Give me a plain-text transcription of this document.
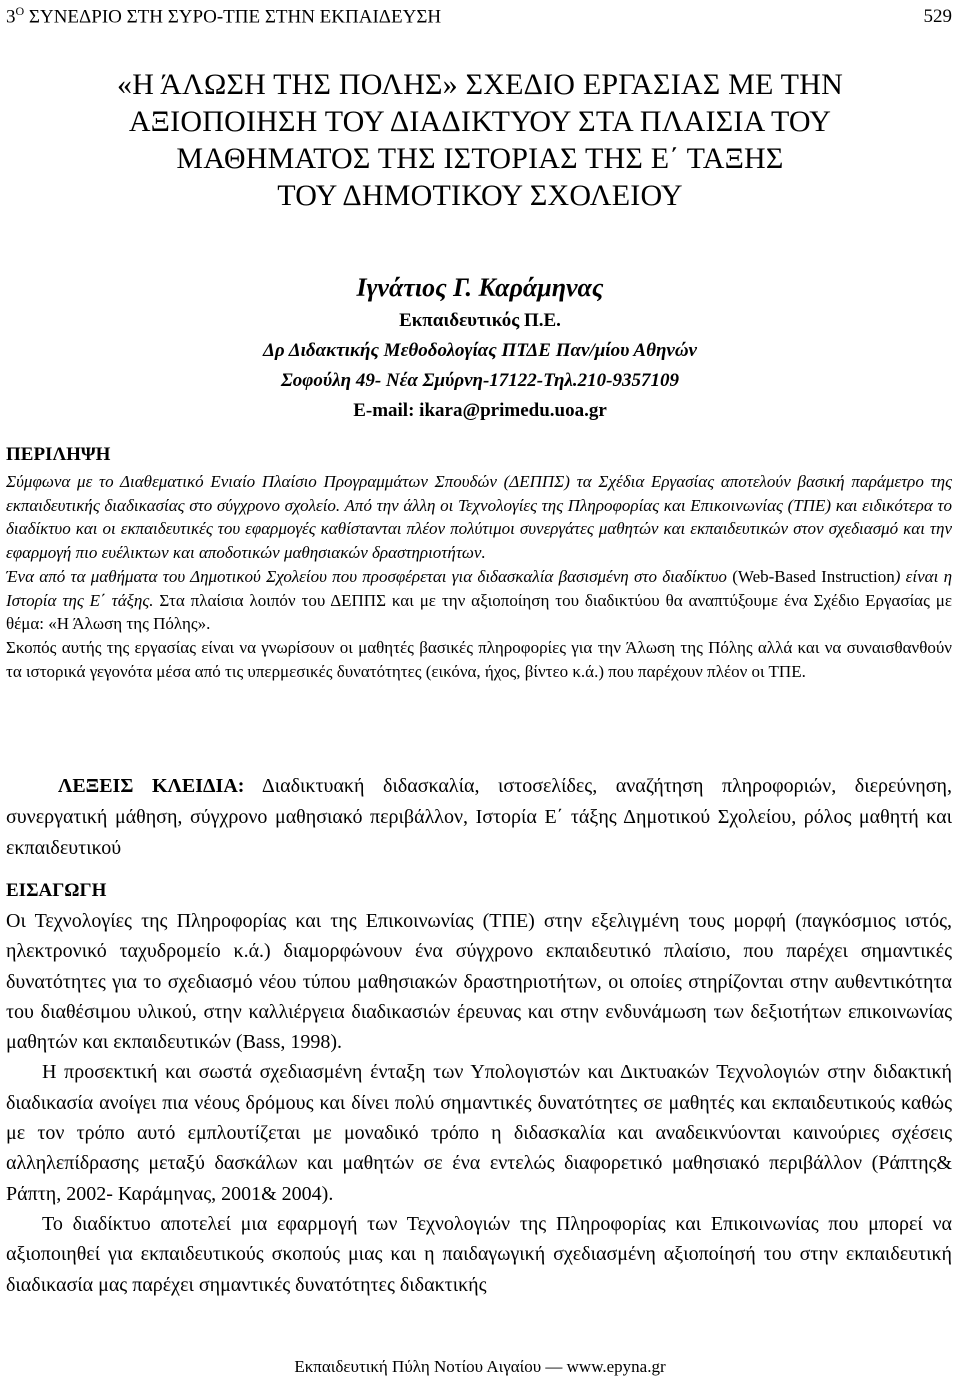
$3^O$ ΣΥΝΕΔΡΙΟ ΣΤΗ ΣΥΡΟ-ΤΠΕ ΣΤΗΝ ΕΚΠΑΙΔΕΥΣΗ	529
«Η ΆΛΩΣΗ ΤΗΣ ΠΟΛΗΣ» ΣΧΕΔΙΟ ΕΡΓΑΣΙΑΣ ΜΕ ΤΗΝ
ΑΞΙΟΠΟΙΗΣΗ ΤΟΥ ΔΙΑΔΙΚΤΥΟΥ ΣΤΑ ΠΛΑΙΣΙΑ ΤΟΥ
ΜΑΘΗΜΑΤΟΣ ΤΗΣ ΙΣΤΟΡΙΑΣ ΤΗΣ Ε΄ ΤΑΞΗΣ
ΤΟΥ ΔΗΜΟΤΙΚΟΥ ΣΧΟΛΕΙΟΥ
Ιγνάτιος Γ. Καράμηνας
Εκπαιδευτικός Π.Ε.
Δρ Διδακτικής Μεθοδολογίας ΠΤΔΕ Παν/μίου Αθηνών
Σοφούλη 49- Νέα Σμύρνη-17122-Τηλ.210-9357109
E-mail: ikara@primedu.uoa.gr
ΠΕΡΙΛΗΨΗ

Σύμφωνα με το Διαθεματικό Ενιαίο Πλαίσιο Προγραμμάτων Σπουδών (ΔΕΠΠΣ) τα Σχέδια Εργασίας αποτελούν βασική παράμετρο της εκπαιδευτικής διαδικασίας στο σύγχρονο σχολείο. Από την άλλη οι Τεχνολογίες της Πληροφορίας και Επικοινωνίας (ΤΠΕ) και ειδικότερα το διαδίκτυο και οι εκπαιδευτικές του εφαρμογές καθίστανται πλέον πολύτιμοι συνεργάτες μαθητών και εκπαιδευτικών στον σχεδιασμό και την εφαρμογή πιο ευέλικτων και αποδοτικών μαθησιακών δραστηριοτήτων.

Ένα από τα μαθήματα του Δημοτικού Σχολείου που προσφέρεται για διδασκαλία βασισμένη στο διαδίκτυο (Web-Based Instruction) είναι η Ιστορία της Ε΄ τάξης. Στα πλαίσια λοιπόν του ΔΕΠΠΣ και με την αξιοποίηση του διαδικτύου θα αναπτύξουμε ένα Σχέδιο Εργασίας με θέμα: «Η Άλωση της Πόλης».

Σκοπός αυτής της εργασίας είναι να γνωρίσουν οι μαθητές βασικές πληροφορίες για την Άλωση της Πόλης αλλά και να συναισθανθούν τα ιστορικά γεγονότα μέσα από τις υπερμεσικές δυνατότητες (εικόνα, ήχος, βίντεο κ.ά.) που παρέχουν πλέον οι ΤΠΕ.

ΛΕΞΕΙΣ ΚΛΕΙΔΙΑ: Διαδικτυακή διδασκαλία, ιστοσελίδες, αναζήτηση πληροφοριών, διερεύνηση, συνεργατική μάθηση, σύγχρονο μαθησιακό περιβάλλον, Ιστορία Ε΄ τάξης Δημοτικού Σχολείου, ρόλος μαθητή και εκπαιδευτικού
ΕΙΣΑΓΩΓΗ

Οι Τεχνολογίες της Πληροφορίας και της Επικοινωνίας (ΤΠΕ) στην εξελιγμένη τους μορφή (παγκόσμιος ιστός, ηλεκτρονικό ταχυδρομείο κ.ά.) διαμορφώνουν ένα σύγχρονο εκπαιδευτικό πλαίσιο, που παρέχει σημαντικές δυνατότητες για το σχεδιασμό νέου τύπου μαθησιακών δραστηριοτήτων, οι οποίες στηρίζονται στην αυθεντικότητα του διαθέσιμου υλικού, στην καλλιέργεια διαδικασιών έρευνας και στην ενδυνάμωση των δεξιοτήτων επικοινωνίας μαθητών και εκπαιδευτικών (Bass, 1998).

Η προσεκτική και σωστά σχεδιασμένη ένταξη των Υπολογιστών και Δικτυακών Τεχνολογιών στην διδακτική διαδικασία ανοίγει πια νέους δρόμους και δίνει πολύ σημαντικές δυνατότητες σε μαθητές και εκπαιδευτικούς καθώς με τον τρόπο αυτό εμπλουτίζεται με μοναδικό τρόπο η διδασκαλία και αναδεικνύονται καινούριες σχέσεις αλληλεπίδρασης μεταξύ δασκάλων και μαθητών σε ένα εντελώς διαφορετικό μαθησιακό περιβάλλον (Ράπτης& Ράπτη, 2002- Καράμηνας, 2001& 2004).

Το διαδίκτυο αποτελεί μια εφαρμογή των Τεχνολογιών της Πληροφορίας και Επικοινωνίας που μπορεί να αξιοποιηθεί για εκπαιδευτικούς σκοπούς μιας και η παιδαγωγική σχεδιασμένη αξιοποίησή του στην εκπαιδευτική διαδικασία μας παρέχει σημαντικές δυνατότητες διδακτικής

Εκπαιδευτική Πύλη Νοτίου Αιγαίου — www.epyna.gr
